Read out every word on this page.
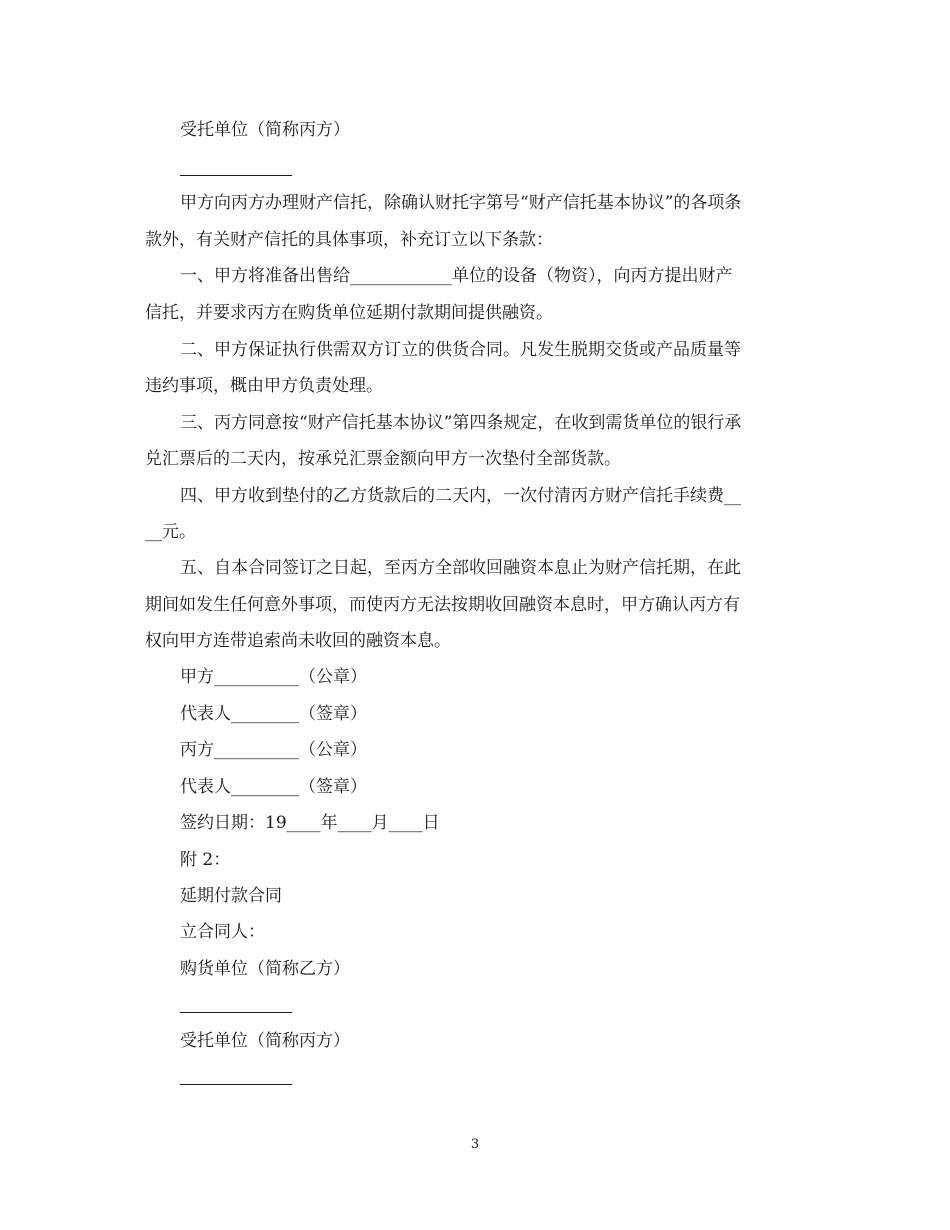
受托单位（简称丙方）
甲方向丙方办理财产信托，除确认财托字第号“财产信托基本协议”的各项条
款外，有关财产信托的具体事项，补充订立以下条款：
一、甲方将准备出售给____________单位的设备（物资），向丙方提出财产
信托，并要求丙方在购货单位延期付款期间提供融资。
二、甲方保证执行供需双方订立的供货合同。凡发生脱期交货或产品质量等
违约事项，概由甲方负责处理。
三、丙方同意按“财产信托基本协议”第四条规定，在收到需货单位的银行承
兑汇票后的二天内，按承兑汇票金额向甲方一次垫付全部货款。
四、甲方收到垫付的乙方货款后的二天内，一次付清丙方财产信托手续费__
__元。
五、自本合同签订之日起，至丙方全部收回融资本息止为财产信托期，在此
期间如发生任何意外事项，而使丙方无法按期收回融资本息时，甲方确认丙方有
权向甲方连带追索尚未收回的融资本息。
甲方__________（公章）
代表人________（签章）
丙方__________（公章）
代表人________（签章）
签约日期：19____年____月____日
附 2：
延期付款合同
立合同人：
购货单位（简称乙方）
受托单位（简称丙方）
3
